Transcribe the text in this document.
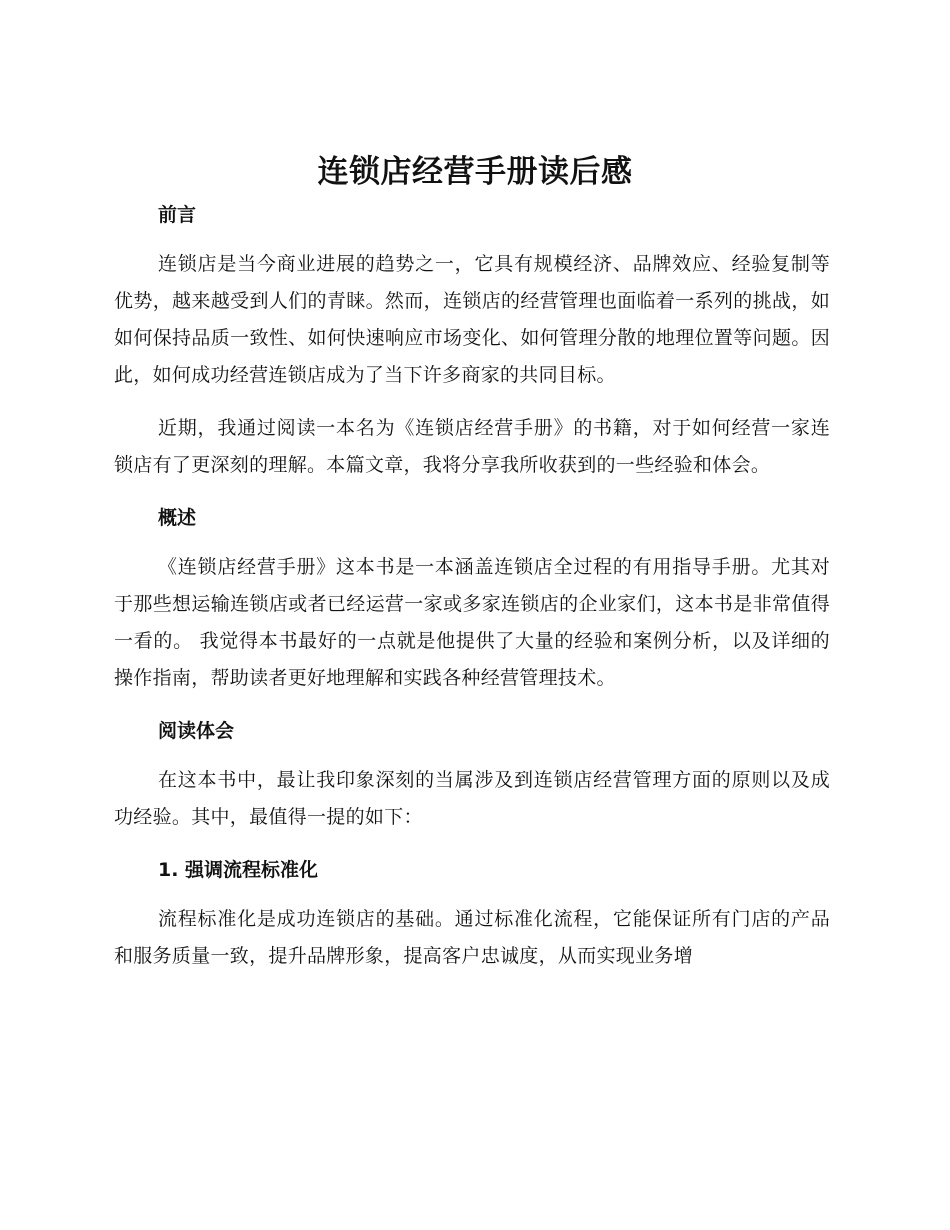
连锁店经营手册读后感
前言

连锁店是当今商业进展的趋势之一，它具有规模经济、品牌效应、经验复制等优势，越来越受到人们的青睐。然而，连锁店的经营管理也面临着一系列的挑战，如如何保持品质一致性、如何快速响应市场变化、如何管理分散的地理位置等问题。因此，如何成功经营连锁店成为了当下许多商家的共同目标。

近期，我通过阅读一本名为《连锁店经营手册》的书籍，对于如何经营一家连锁店有了更深刻的理解。本篇文章，我将分享我所收获到的一些经验和体会。

概述

《连锁店经营手册》这本书是一本涵盖连锁店全过程的有用指导手册。尤其对于那些想运输连锁店或者已经运营一家或多家连锁店的企业家们，这本书是非常值得一看的。 我觉得本书最好的一点就是他提供了大量的经验和案例分析，以及详细的操作指南，帮助读者更好地理解和实践各种经营管理技术。

阅读体会

在这本书中，最让我印象深刻的当属涉及到连锁店经营管理方面的原则以及成功经验。其中，最值得一提的如下：

1. 强调流程标准化

流程标准化是成功连锁店的基础。通过标准化流程，它能保证所有门店的产品和服务质量一致，提升品牌形象，提高客户忠诚度，从而实现业务增
